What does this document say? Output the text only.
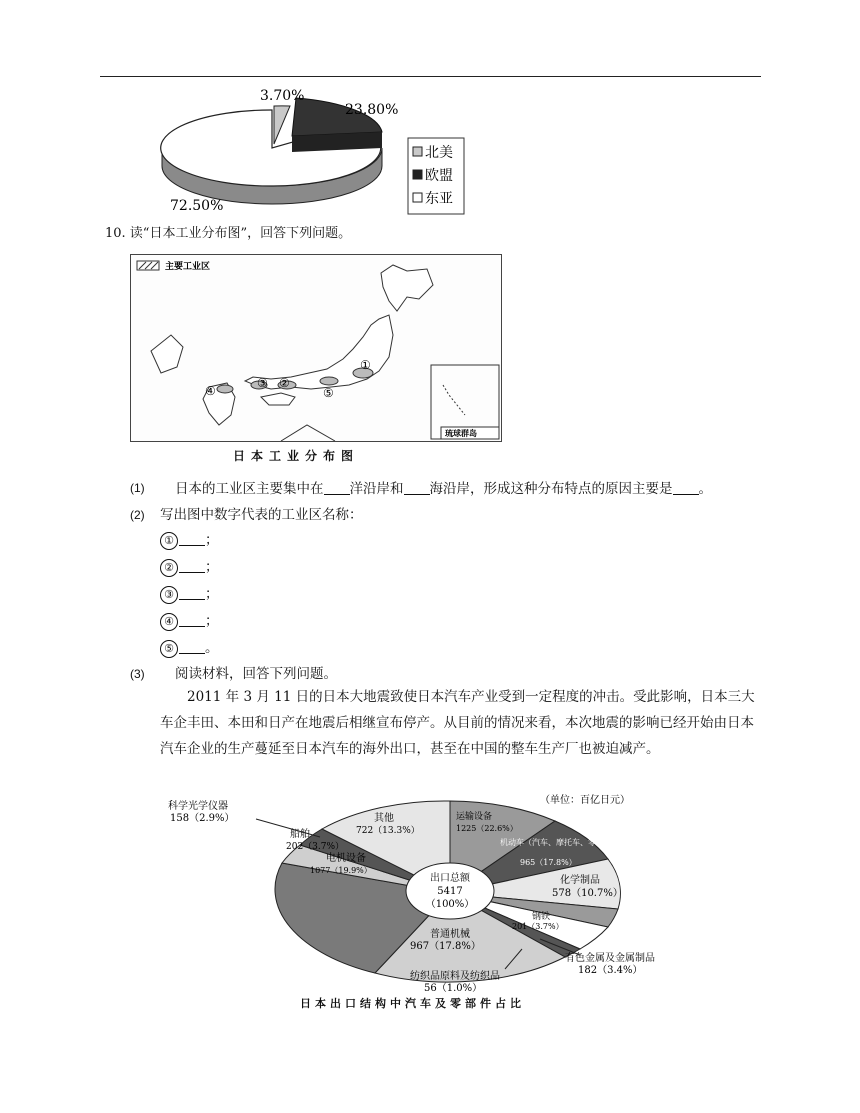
3.70%
23.80%
72.50%
北美
欧盟
东亚
10. 读“日本工业分布图”，回答下列问题。
主要工业区
①
②
③
④	⑤
琉球群岛
日本工业分布图
(1) 日本的工业区主要集中在 洋沿岸和 海沿岸，形成这种分布特点的原因主要是 。
(2) 写出图中数字代表的工业区名称：
① ；
② ；
③ ；
④ ；
⑤ 。
(3) 阅读材料，回答下列问题。
2011 年 3 月 11 日的日本大地震致使日本汽车产业受到一定程度的冲击。受此影响，日本三大车企丰田、本田和日产在地震后相继宣布停产。从目前的情况来看，本次地震的影响已经开始由日本汽车企业的生产蔓延至日本汽车的海外出口，甚至在中国的整车生产厂也被迫减产。
出口总额
5417
（100%）
（单位：百亿日元）
运输设备
1225（22.6%）
机动车（汽车、摩托车、零部件）
965（17.8%）
化学制品
578（10.7%）
钢铁
201（3.7%）
有色金属及金属制品
182（3.4%）
纺织品原料及纺织品
56（1.0%）
普通机械
967（17.8%）
电机设备
1077（19.9%）
船舶
202（3.7%）
科学光学仪器
158（2.9%）	其他
722（13.3%）
日本出口结构中汽车及零部件占比
